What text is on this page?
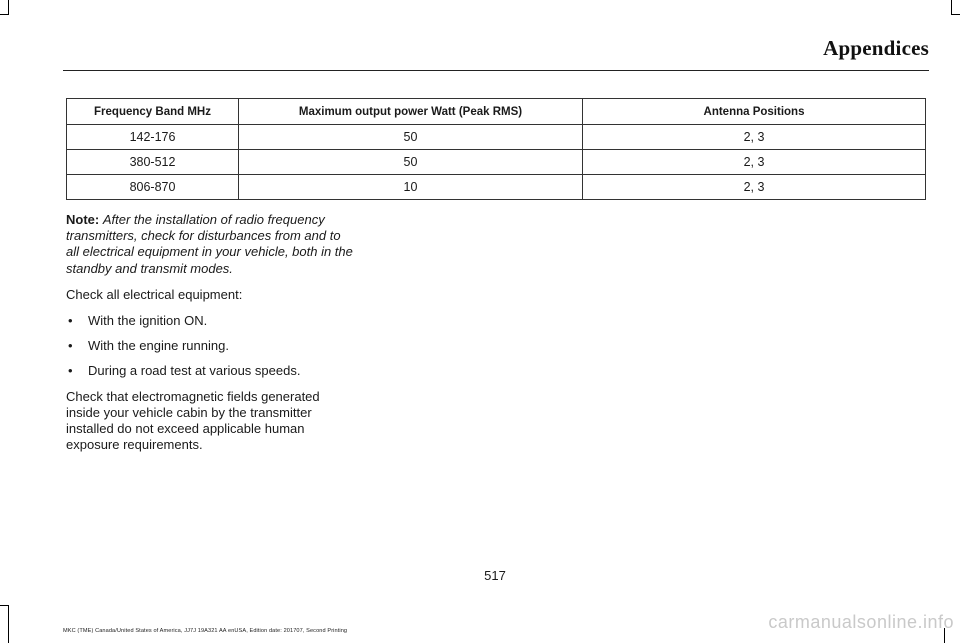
Appendices
Frequency Band MHz	Maximum output power Watt (Peak RMS)	Antenna Positions
142-176	50	2, 3
380-512	50	2, 3
806-870	10	2, 3

Note: After the installation of radio frequency transmitters, check for disturbances from and to all electrical equipment in your vehicle, both in the standby and transmit modes.

Check all electrical equipment:

• With the ignition ON.
• With the engine running.
• During a road test at various speeds.

Check that electromagnetic fields generated inside your vehicle cabin by the transmitter installed do not exceed applicable human exposure requirements.

517
MKC (TME) Canada/United States of America, JJ7J 19A321 AA enUSA, Edition date: 201707, Second Printing	carmanualsonline.info
